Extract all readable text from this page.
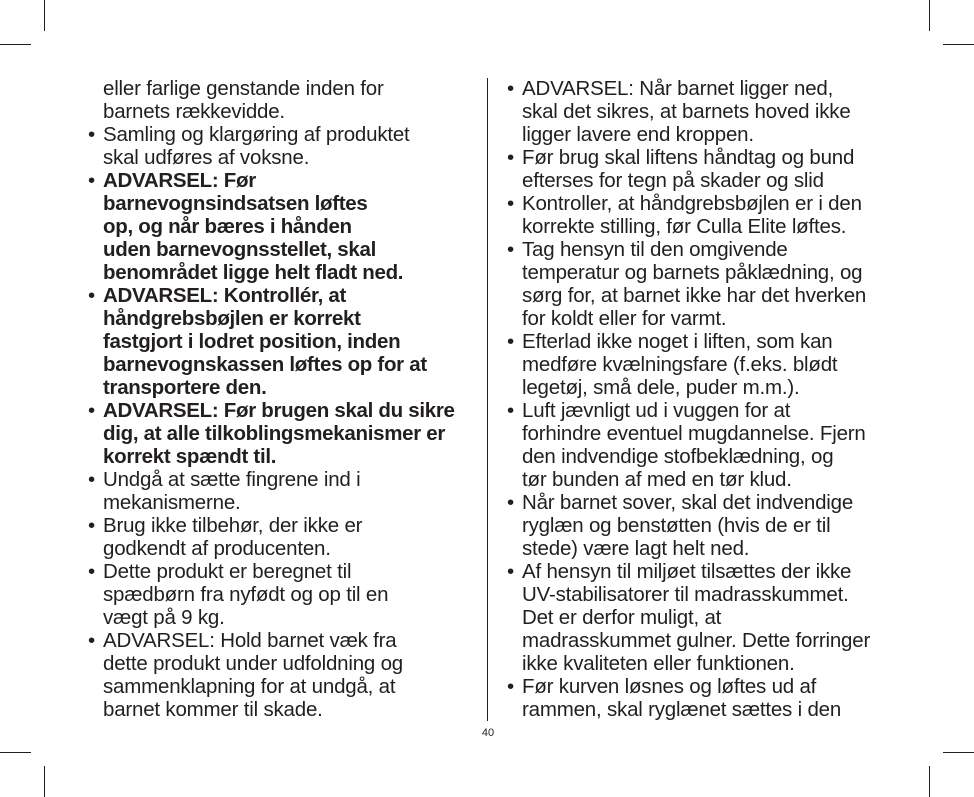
eller farlige genstande inden for
barnets rækkevidde.
• Samling og klargøring af produktet
skal udføres af voksne.
• ADVARSEL: Før
barnevognsindsatsen løftes
op, og når bæres i hånden
uden barnevognsstellet, skal
benområdet ligge helt fladt ned.
• ADVARSEL: Kontrollér, at
håndgrebsbøjlen er korrekt
fastgjort i lodret position, inden
barnevognskassen løftes op for at
transportere den.
• ADVARSEL: Før brugen skal du sikre
dig, at alle tilkoblingsmekanismer er
korrekt spændt til.
• Undgå at sætte fingrene ind i
mekanismerne.
• Brug ikke tilbehør, der ikke er
godkendt af producenten.
• Dette produkt er beregnet til
spædbørn fra nyfødt og op til en
vægt på 9 kg.
• ADVARSEL: Hold barnet væk fra
dette produkt under udfoldning og
sammenklapning for at undgå, at
barnet kommer til skade.
• ADVARSEL: Når barnet ligger ned,
skal det sikres, at barnets hoved ikke
ligger lavere end kroppen.
• Før brug skal liftens håndtag og bund
efterses for tegn på skader og slid
• Kontroller, at håndgrebsbøjlen er i den
korrekte stilling, før Culla Elite løftes.
• Tag hensyn til den omgivende
temperatur og barnets påklædning, og
sørg for, at barnet ikke har det hverken
for koldt eller for varmt.
• Efterlad ikke noget i liften, som kan
medføre kvælningsfare (f.eks. blødt
legetøj, små dele, puder m.m.).
• Luft jævnligt ud i vuggen for at
forhindre eventuel mugdannelse. Fjern
den indvendige stofbeklædning, og
tør bunden af med en tør klud.
• Når barnet sover, skal det indvendige
ryglæn og benstøtten (hvis de er til
stede) være lagt helt ned.
• Af hensyn til miljøet tilsættes der ikke
UV-stabilisatorer til madrasskummet.
Det er derfor muligt, at
madrasskummet gulner. Dette forringer
ikke kvaliteten eller funktionen.
• Før kurven løsnes og løftes ud af
rammen, skal ryglænet sættes i den
40
